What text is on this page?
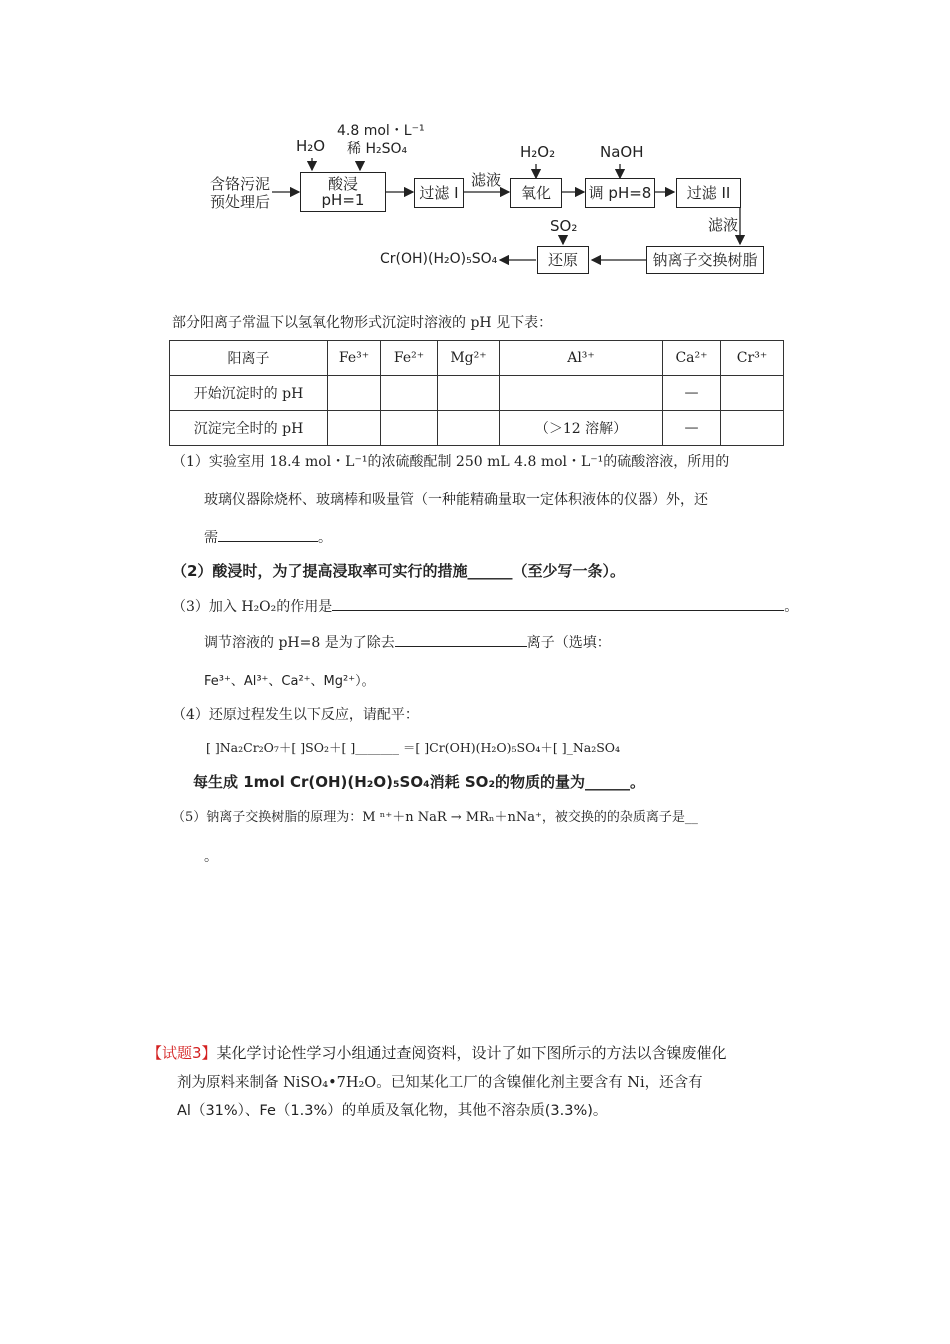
含铬污泥
预处理后
H₂O
4.8 mol・L⁻¹
稀 H₂SO₄
酸浸
pH=1	过滤 I
滤液
H₂O₂
氧化
NaOH
调 pH=8 过滤 II
滤液
SO₂
还原	钠离子交换树脂
Cr(OH)(H₂O)₅SO₄
部分阳离子常温下以氢氧化物形式沉淀时溶液的 pH 见下表：
阳离子	Fe³⁺	Fe²⁺	Mg²⁺	Al³⁺	Ca²⁺	Cr³⁺
开始沉淀时的 pH					—	
沉淀完全时的 pH				（＞12 溶解）	—	
（1）实验室用 18.4 mol・L⁻¹的浓硫酸配制 250 mL 4.8 mol・L⁻¹的硫酸溶液，所用的
玻璃仪器除烧杯、玻璃棒和吸量管（一种能精确量取一定体积液体的仪器）外，还
需	。
（2）酸浸时，为了提高浸取率可实行的措施______（至少写一条）。
（3）加入 H₂O₂的作用是	。
调节溶液的 pH=8 是为了除去	离子（选填：
Fe³⁺、Al³⁺、Ca²⁺、Mg²⁺）。
（4）还原过程发生以下反应，请配平：
[ ]Na₂Cr₂O₇＋[ ]SO₂＋[ ]_______ ＝[ ]Cr(OH)(H₂O)₅SO₄＋[ ]_Na₂SO₄
每生成 1mol Cr(OH)(H₂O)₅SO₄消耗 SO₂的物质的量为______。
（5）钠离子交换树脂的原理为：M ⁿ⁺＋n NaR → MRₙ＋nNa⁺，被交换的的杂质离子是__
。
【试题3】某化学讨论性学习小组通过查阅资料，设计了如下图所示的方法以含镍废催化
剂为原料来制备 NiSO₄•7H₂O。已知某化工厂的含镍催化剂主要含有 Ni，还含有
Al（31%）、Fe（1.3%）的单质及氧化物，其他不溶杂质(3.3%)。
